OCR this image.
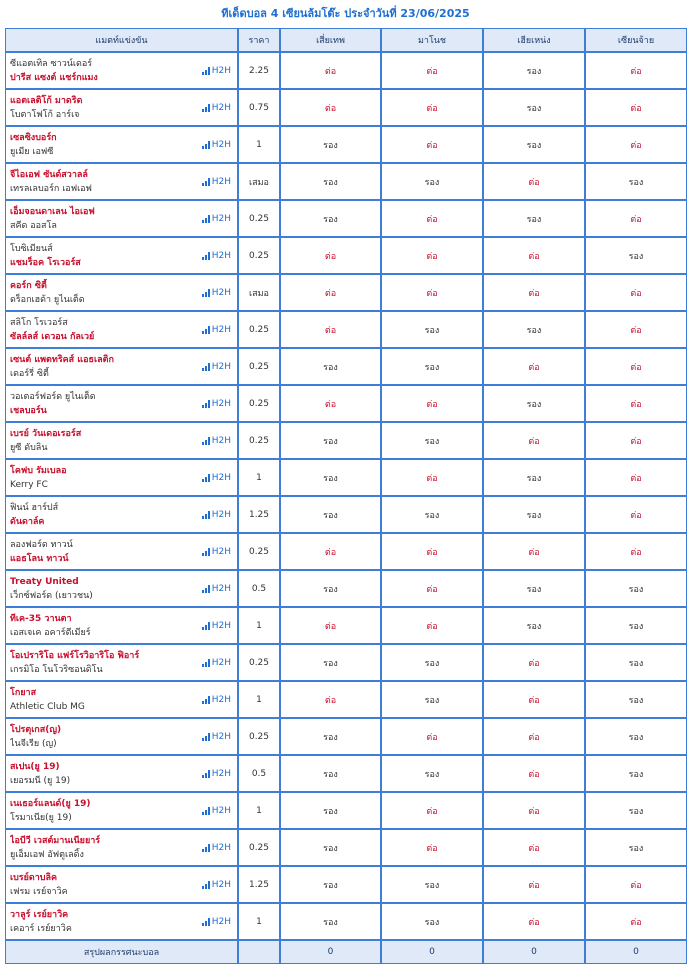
ทีเด็ดบอล 4 เซียนล้มโต๊ะ ประจำวันที่ 23/06/2025
แมตท์แข่งขัน	ราคา	เสี่ยเทพ	มาโนช	เฮียเหน่ง	เซียนจ้าย

ซีแอตเทิล ซาวน์เดอร์
ปารีส แซงต์ แชร์กแมง
H2H	2.25	ต่อ	ต่อ	รอง	ต่อ

แอตเลติโก้ มาดริด
โบตาโฟโก้ อาร์เจ
H2H	0.75	ต่อ	ต่อ	รอง	ต่อ

เซลซิงบอร์ก
ยูเมีย เอฟซี
H2H	1	รอง	ต่อ	รอง	ต่อ

จีไอเอฟ ซันด์สวาลล์
เทรลเลบอร์ก เอฟเอฟ
H2H	เสมอ	รอง	รอง	ต่อ	รอง

เอ็มจอนดาเลน ไอเอฟ
สคีด ออสโล
H2H	0.25	รอง	ต่อ	รอง	ต่อ

โบซิเมียนส์
แชมร็อค โรเวอร์ส
H2H	0.25	ต่อ	ต่อ	ต่อ	รอง

คอร์ก ซิตี้
ดร็อกเฮด้า ยูไนเต็ด
H2H	เสมอ	ต่อ	ต่อ	ต่อ	ต่อ

สลิโก โรเวอร์ส
ซัลล์ลส์ เดวอน กัลเวย์
H2H	0.25	ต่อ	รอง	รอง	ต่อ

เซนต์ แพตทริคส์ แอธเลติก
เดอร์รี่ ซิตี้
H2H	0.25	รอง	รอง	ต่อ	ต่อ

วอเตอร์ฟอร์ด ยูไนเต็ด
เชลบอร์น
H2H	0.25	ต่อ	ต่อ	รอง	ต่อ

เบรย์ วันเดอเรอร์ส
ยูซี ดับลิน
H2H	0.25	รอง	รอง	ต่อ	ต่อ

โคฟบ รัมเบลอ
Kerry FC
H2H	1	รอง	ต่อ	รอง	ต่อ

ฟินน์ ฮาร์ปส์
ดันดาล์ค
H2H	1.25	รอง	รอง	รอง	ต่อ

ลองฟอร์ด ทาวน์
แอธโลน ทาวน์
H2H	0.25	ต่อ	ต่อ	ต่อ	ต่อ

Treaty United
เว็กซ์ฟอร์ด (เยาวชน)
H2H	0.5	รอง	ต่อ	รอง	รอง

ทีเค-35 วานตา
เอสเจเค อคาร์ดีเมียร์
H2H	1	ต่อ	ต่อ	รอง	รอง

โอเปราริโอ แฟร์โรวิอาริโอ ฟิอาร์
เกรมิโอ โนโวริซอนดิโน
H2H	0.25	รอง	รอง	ต่อ	รอง

โกยาส
Athletic Club MG
H2H	1	ต่อ	รอง	ต่อ	รอง

โปรตุเกส(ญ)
ไนจีเรีย (ญ)
H2H	0.25	รอง	ต่อ	ต่อ	รอง

สเปน(ยู 19)
เยอรมนี (ยู 19)
H2H	0.5	รอง	รอง	ต่อ	รอง

เนเธอร์แลนด์(ยู 19)
โรมาเนีย(ยู 19)
H2H	1	รอง	ต่อ	ต่อ	รอง

ไอบีวี เวสต์มานเนียยาร์
ยูเอ็มเอฟ อัฟตูเลดิ้ง
H2H	0.25	รอง	ต่อ	ต่อ	รอง

เบรย์ดาบลิค
เฟรม เรย์จาวิค
H2H	1.25	รอง	รอง	ต่อ	ต่อ

วาลูร์ เรย์ยาวิค
เคอาร์ เรย์ยาวิค
H2H	1	รอง	รอง	ต่อ	ต่อ
สรุปผลกรรศนะบอล		0	0	0	0
